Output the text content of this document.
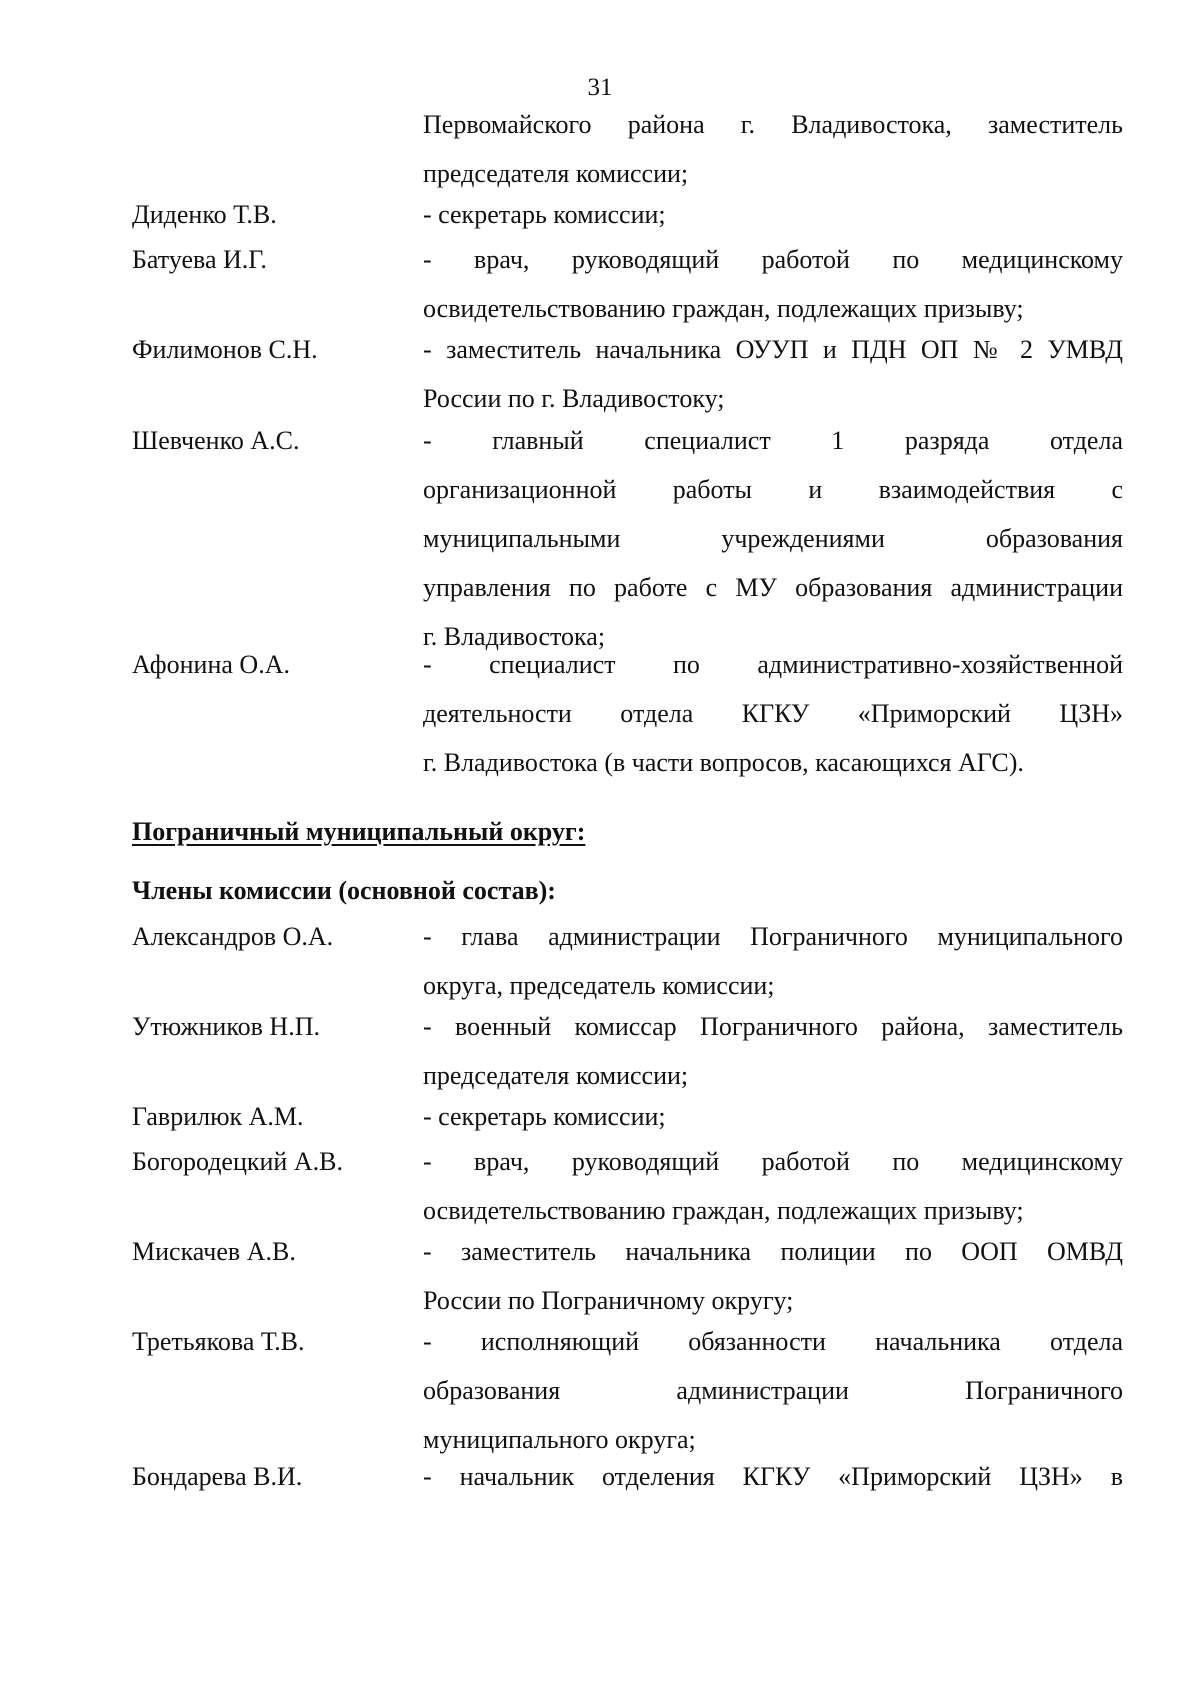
31
Первомайского района г. Владивостока, заместитель
председателя комиссии;
Диденко Т.В.	- секретарь комиссии;
Батуева И.Г.	- врач, руководящий работой по медицинскому
освидетельствованию граждан, подлежащих призыву;
Филимонов С.Н.	- заместитель начальника ОУУП и ПДН ОП № 2 УМВД
России по г. Владивостоку;
Шевченко А.С.	- главный специалист 1 разряда отдела
организационной работы и взаимодействия с
муниципальными учреждениями образования
управления по работе с МУ образования администрации
г. Владивостока;
Афонина О.А.	- специалист по административно-хозяйственной
деятельности отдела КГКУ «Приморский ЦЗН»
г. Владивостока (в части вопросов, касающихся АГС).
Пограничный муниципальный округ:
Члены комиссии (основной состав):
Александров О.А.	- глава администрации Пограничного муниципального
округа, председатель комиссии;
Утюжников Н.П.	- военный комиссар Пограничного района, заместитель
председателя комиссии;
Гаврилюк А.М.	- секретарь комиссии;
Богородецкий А.В.	- врач, руководящий работой по медицинскому
освидетельствованию граждан, подлежащих призыву;
Мискачев А.В.	- заместитель начальника полиции по ООП ОМВД
России по Пограничному округу;
Третьякова Т.В.	- исполняющий обязанности начальника отдела
образования администрации Пограничного
муниципального округа;
Бондарева В.И.	- начальник отделения КГКУ «Приморский ЦЗН» в
